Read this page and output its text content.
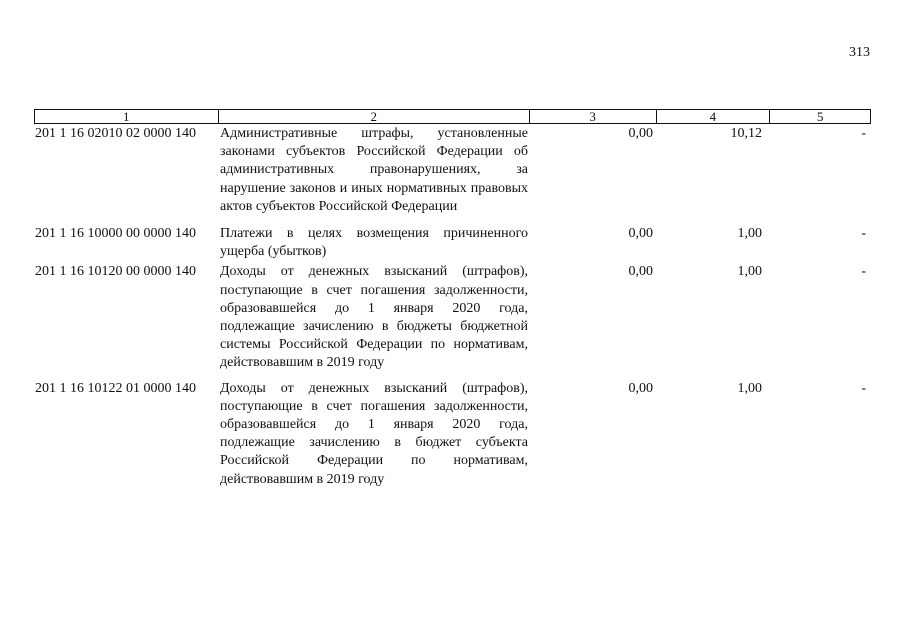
313
1	2	3	4	5
201 1 16 02010 02 0000 140	Административные штрафы, установленные законами субъектов Российской Федерации об административных правонарушениях, за нарушение законов и иных нормативных правовых актов субъектов Российской Федерации
0,00	10,12	-
201 1 16 10000 00 0000 140	Платежи в целях возмещения причиненного ущерба (убытков)
0,00	1,00	-
201 1 16 10120 00 0000 140	Доходы от денежных взысканий (штрафов), поступающие в счет погашения задолженности, образовавшейся до 1 января 2020 года, подлежащие зачислению в бюджеты бюджетной системы Российской Федерации по нормативам, действовавшим в 2019 году
0,00	1,00	-
201 1 16 10122 01 0000 140	Доходы от денежных взысканий (штрафов), поступающие в счет погашения задолженности, образовавшейся до 1 января 2020 года, подлежащие зачислению в бюджет субъекта Российской Федерации по нормативам, действовавшим в 2019 году
0,00	1,00	-
